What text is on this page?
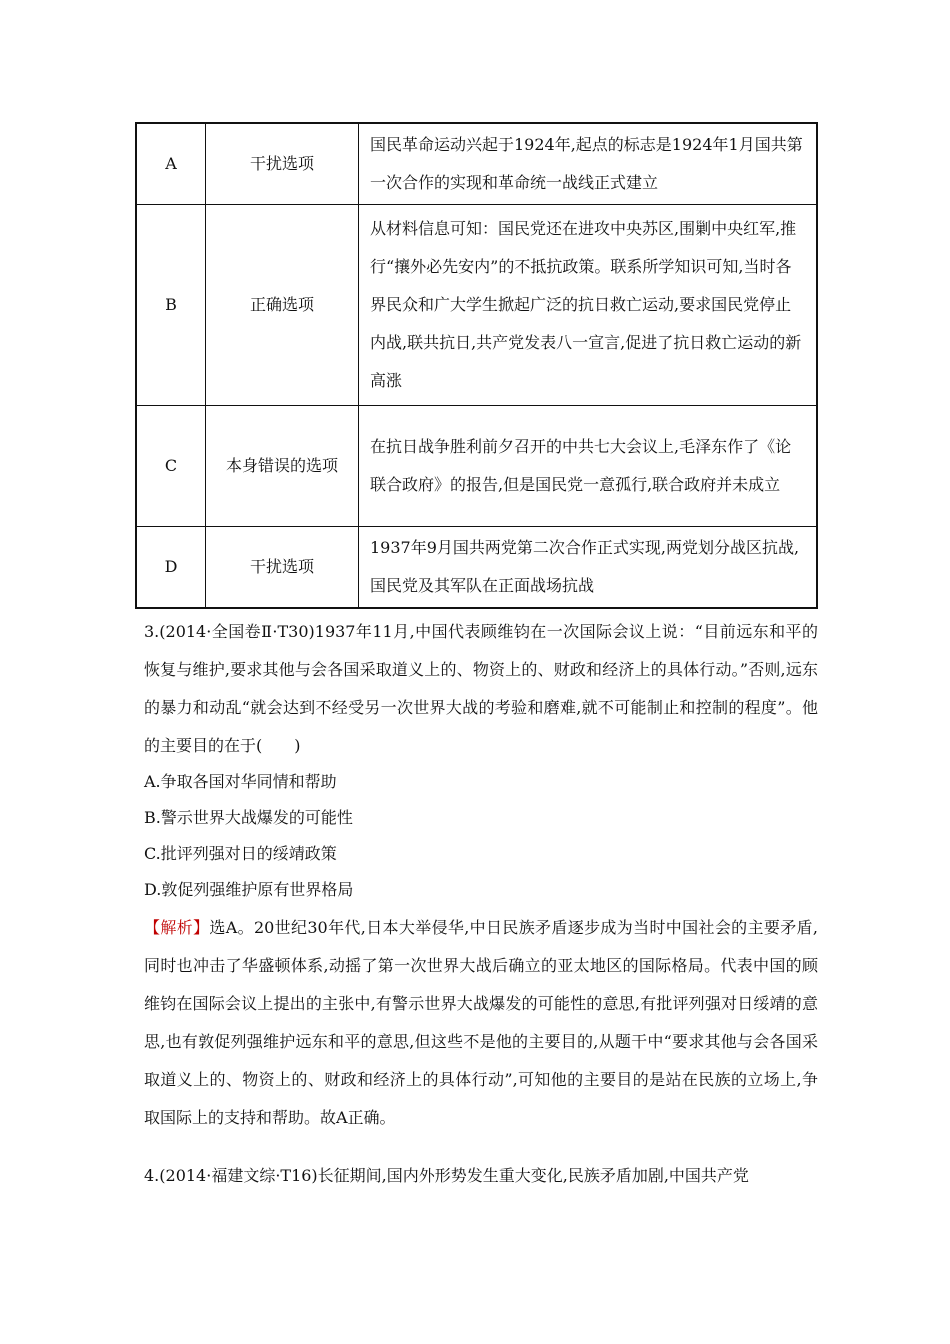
A	干扰选项	国民革命运动兴起于1924年,起点的标志是1924年1月国共第一次合作的实现和革命统一战线正式建立
B	正确选项	从材料信息可知：国民党还在进攻中央苏区,围剿中央红军,推行“攘外必先安内”的不抵抗政策。联系所学知识可知,当时各界民众和广大学生掀起广泛的抗日救亡运动,要求国民党停止内战,联共抗日,共产党发表八一宣言,促进了抗日救亡运动的新高涨
C	本身错误的选项	在抗日战争胜利前夕召开的中共七大会议上,毛泽东作了《论联合政府》的报告,但是国民党一意孤行,联合政府并未成立
D	干扰选项	1937年9月国共两党第二次合作正式实现,两党划分战区抗战,国民党及其军队在正面战场抗战
3.(2014·全国卷Ⅱ·T30)1937年11月,中国代表顾维钧在一次国际会议上说：“目前远东和平的恢复与维护,要求其他与会各国采取道义上的、物资上的、财政和经济上的具体行动。”否则,远东的暴力和动乱“就会达到不经受另一次世界大战的考验和磨难,就不可能制止和控制的程度”。他的主要目的在于(　　)
A.争取各国对华同情和帮助
B.警示世界大战爆发的可能性
C.批评列强对日的绥靖政策
D.敦促列强维护原有世界格局
【解析】选A。20世纪30年代,日本大举侵华,中日民族矛盾逐步成为当时中国社会的主要矛盾,同时也冲击了华盛顿体系,动摇了第一次世界大战后确立的亚太地区的国际格局。代表中国的顾维钧在国际会议上提出的主张中,有警示世界大战爆发的可能性的意思,有批评列强对日绥靖的意思,也有敦促列强维护远东和平的意思,但这些不是他的主要目的,从题干中“要求其他与会各国采取道义上的、物资上的、财政和经济上的具体行动”,可知他的主要目的是站在民族的立场上,争取国际上的支持和帮助。故A正确。
4.(2014·福建文综·T16)长征期间,国内外形势发生重大变化,民族矛盾加剧,中国共产党
